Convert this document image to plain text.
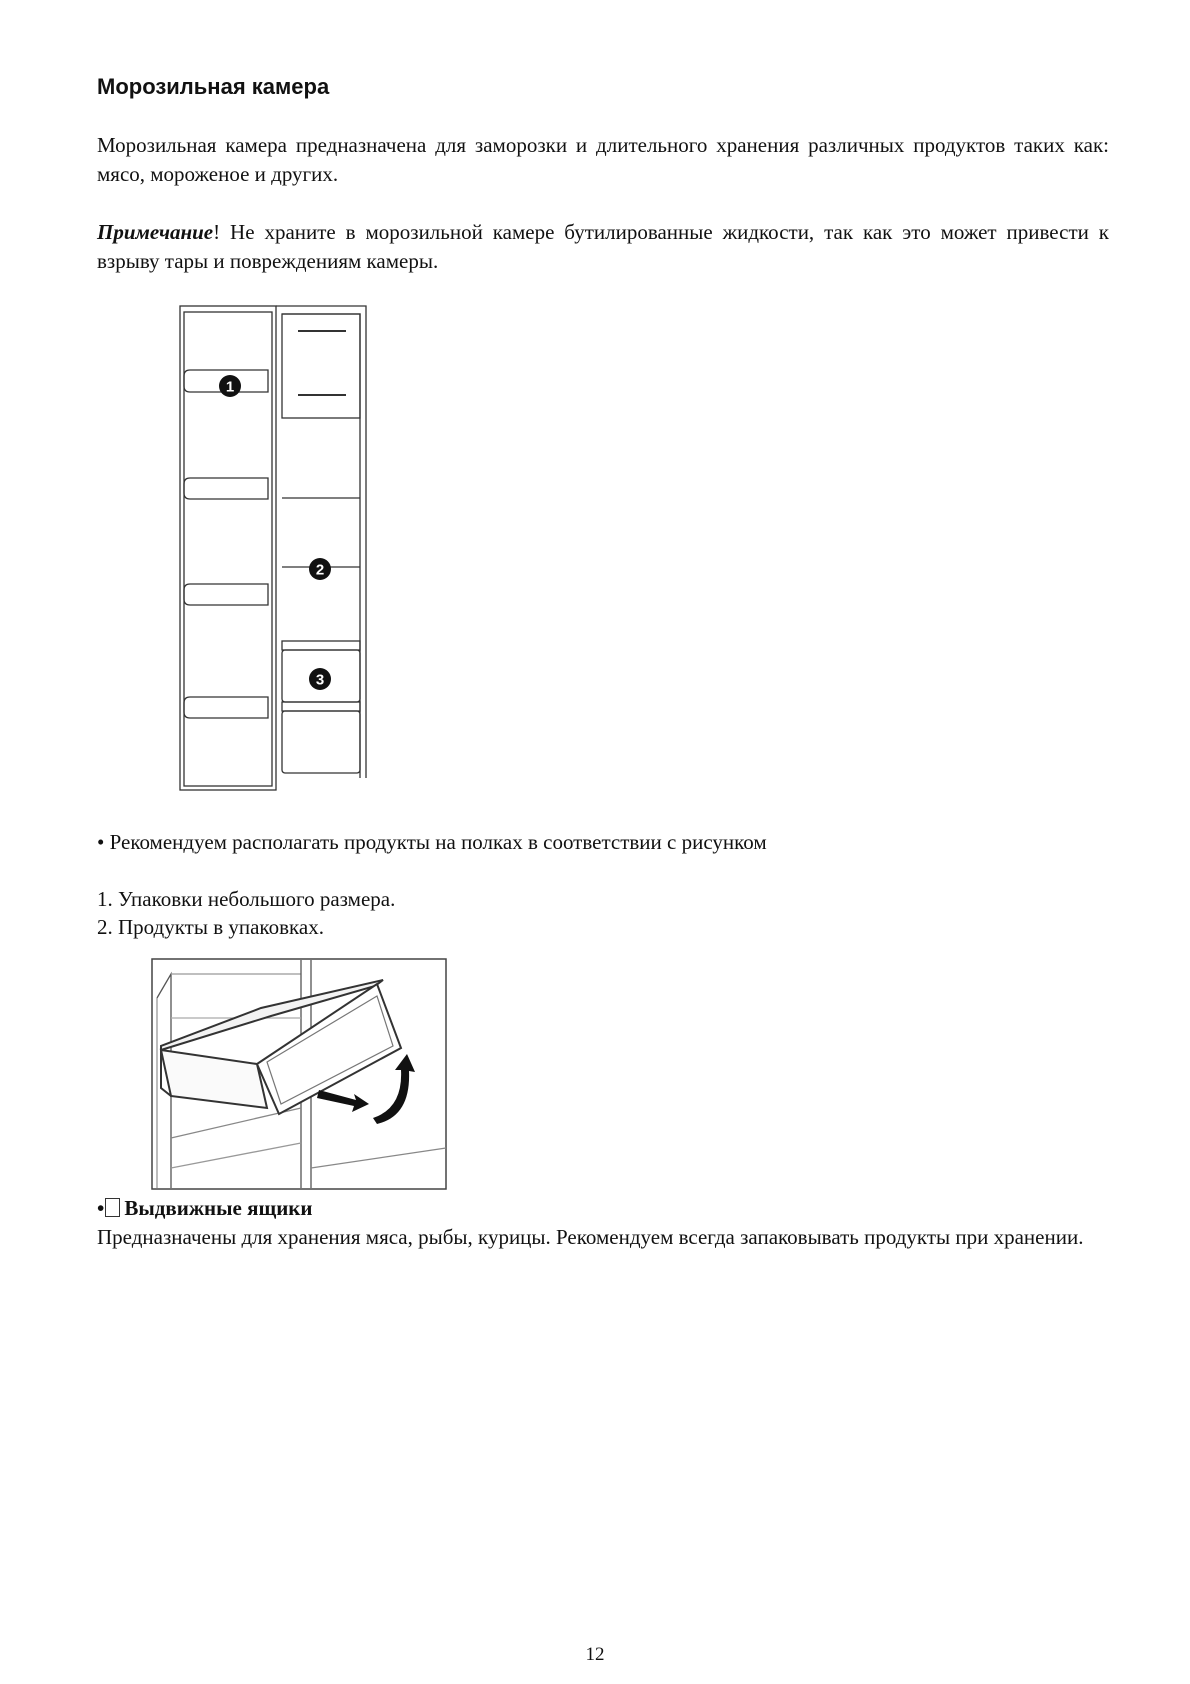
Морозильная камера

Морозильная камера предназначена для заморозки и длительного хранения различных продуктов таких как: мясо, мороженое и других.

Примечание! Не храните в морозильной камере бутилированные жидкости, так как это может привести к взрыву тары и повреждениям камеры.

1
2
3

• Рекомендуем располагать продукты на полках в соответствии с рисунком

1. Упаковки небольшого размера.

2. Продукты в упаковках.

• Выдвижные ящики

Предназначены для хранения мяса, рыбы, курицы. Рекомендуем всегда запаковывать продукты при хранении.

12
